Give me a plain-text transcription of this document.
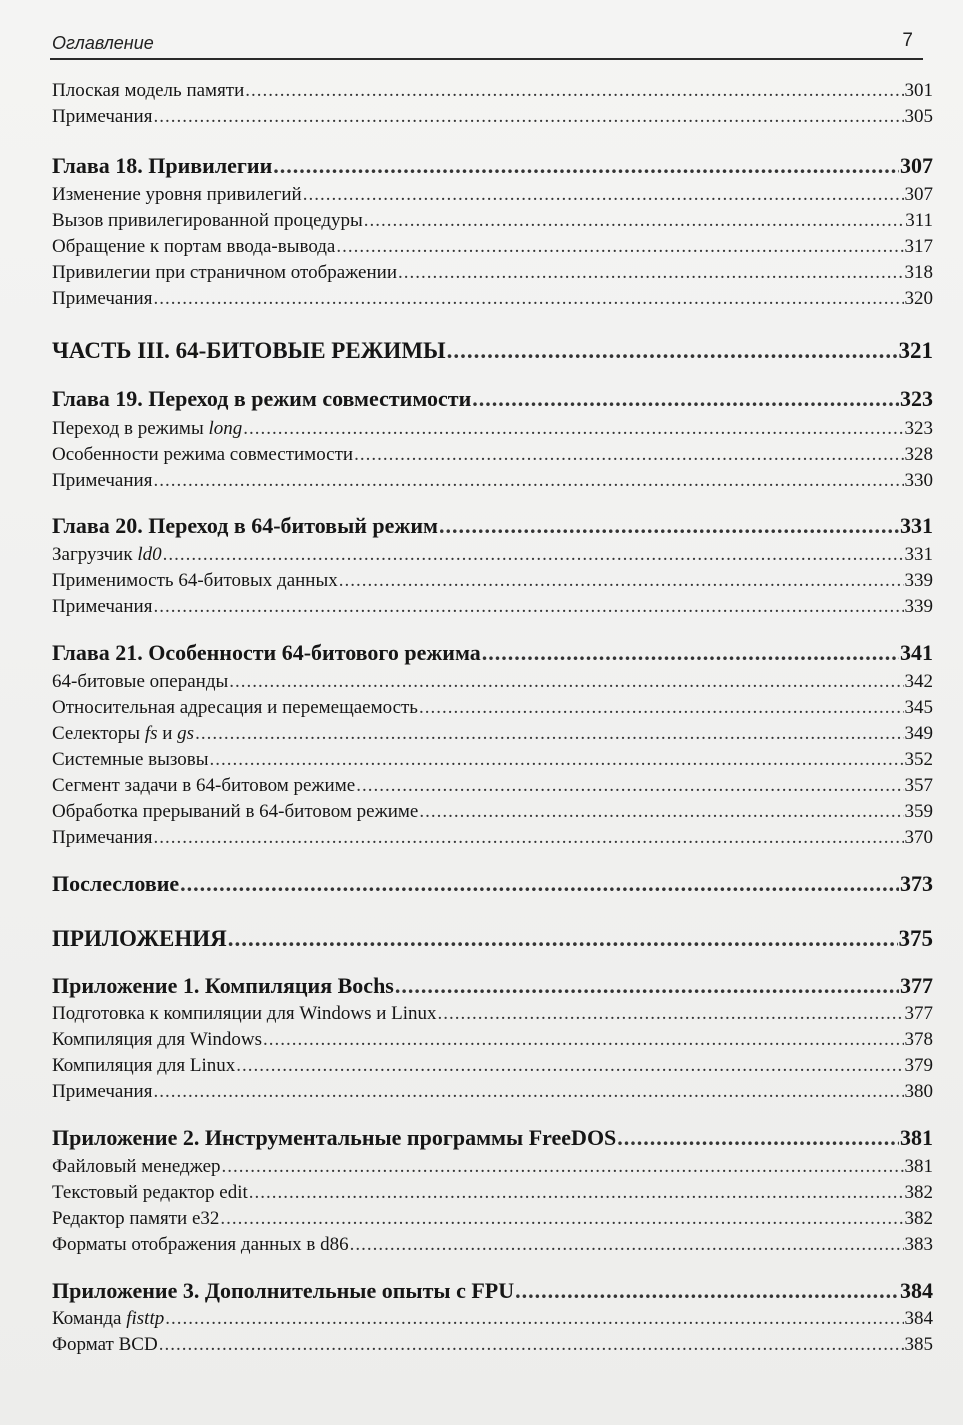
Оглавление	7
Плоская модель памяти .....	301
Примечания .....	305
Глава 18. Привилегии .....	307
Изменение уровня привилегий .....	307
Вызов привилегированной процедуры .....	311
Обращение к портам ввода-вывода .....	317
Привилегии при страничном отображении .....	318
Примечания .....	320
ЧАСТЬ III. 64-БИТОВЫЕ РЕЖИМЫ .....	321
Глава 19. Переход в режим совместимости .....	323
Переход в режимы long .....	323
Особенности режима совместимости .....	328
Примечания .....	330
Глава 20. Переход в 64-битовый режим .....	331
Загрузчик ld0 .....	331
Применимость 64-битовых данных .....	339
Примечания .....	339
Глава 21. Особенности 64-битового режима .....	341
64-битовые операнды .....	342
Относительная адресация и перемещаемость .....	345
Селекторы fs и gs .....	349
Системные вызовы .....	352
Сегмент задачи в 64-битовом режиме .....	357
Обработка прерываний в 64-битовом режиме .....	359
Примечания .....	370
Послесловие .....	373
ПРИЛОЖЕНИЯ .....	375
Приложение 1. Компиляция Bochs .....	377
Подготовка к компиляции для Windows и Linux .....	377
Компиляция для Windows .....	378
Компиляция для Linux .....	379
Примечания .....	380
Приложение 2. Инструментальные программы FreeDOS .....	381
Файловый менеджер .....	381
Текстовый редактор edit .....	382
Редактор памяти e32 .....	382
Форматы отображения данных в d86 .....	383
Приложение 3. Дополнительные опыты с FPU .....	384
Команда fisttp .....	384
Формат BCD .....	385
